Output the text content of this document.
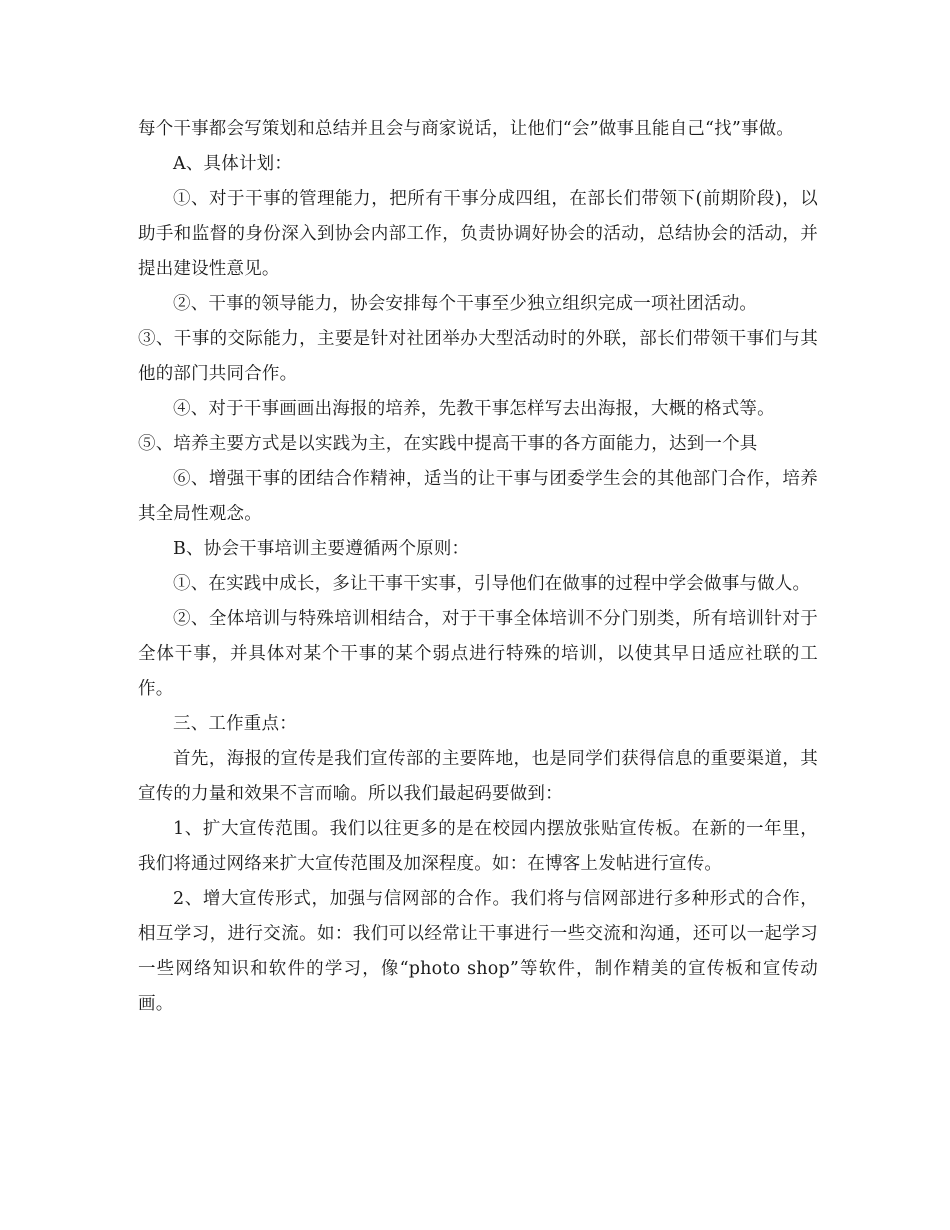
每个干事都会写策划和总结并且会与商家说话，让他们“会”做事且能自己“找”事做。

A、具体计划：

①、对于干事的管理能力，把所有干事分成四组，在部长们带领下(前期阶段)，以助手和监督的身份深入到协会内部工作，负责协调好协会的活动，总结协会的活动，并提出建设性意见。

②、干事的领导能力，协会安排每个干事至少独立组织完成一项社团活动。

③、干事的交际能力，主要是针对社团举办大型活动时的外联，部长们带领干事们与其他的部门共同合作。

④、对于干事画画出海报的培养，先教干事怎样写去出海报，大概的格式等。

⑤、培养主要方式是以实践为主，在实践中提高干事的各方面能力，达到一个具

⑥、增强干事的团结合作精神，适当的让干事与团委学生会的其他部门合作，培养其全局性观念。

B、协会干事培训主要遵循两个原则：

①、在实践中成长，多让干事干实事，引导他们在做事的过程中学会做事与做人。

②、全体培训与特殊培训相结合，对于干事全体培训不分门别类，所有培训针对于全体干事，并具体对某个干事的某个弱点进行特殊的培训，以使其早日适应社联的工作。

三、工作重点：

首先，海报的宣传是我们宣传部的主要阵地，也是同学们获得信息的重要渠道，其宣传的力量和效果不言而喻。所以我们最起码要做到：

1、扩大宣传范围。我们以往更多的是在校园内摆放张贴宣传板。在新的一年里，我们将通过网络来扩大宣传范围及加深程度。如：在博客上发帖进行宣传。

2、增大宣传形式，加强与信网部的合作。我们将与信网部进行多种形式的合作，相互学习，进行交流。如：我们可以经常让干事进行一些交流和沟通，还可以一起学习一些网络知识和软件的学习，像“photo shop”等软件，制作精美的宣传板和宣传动画。
